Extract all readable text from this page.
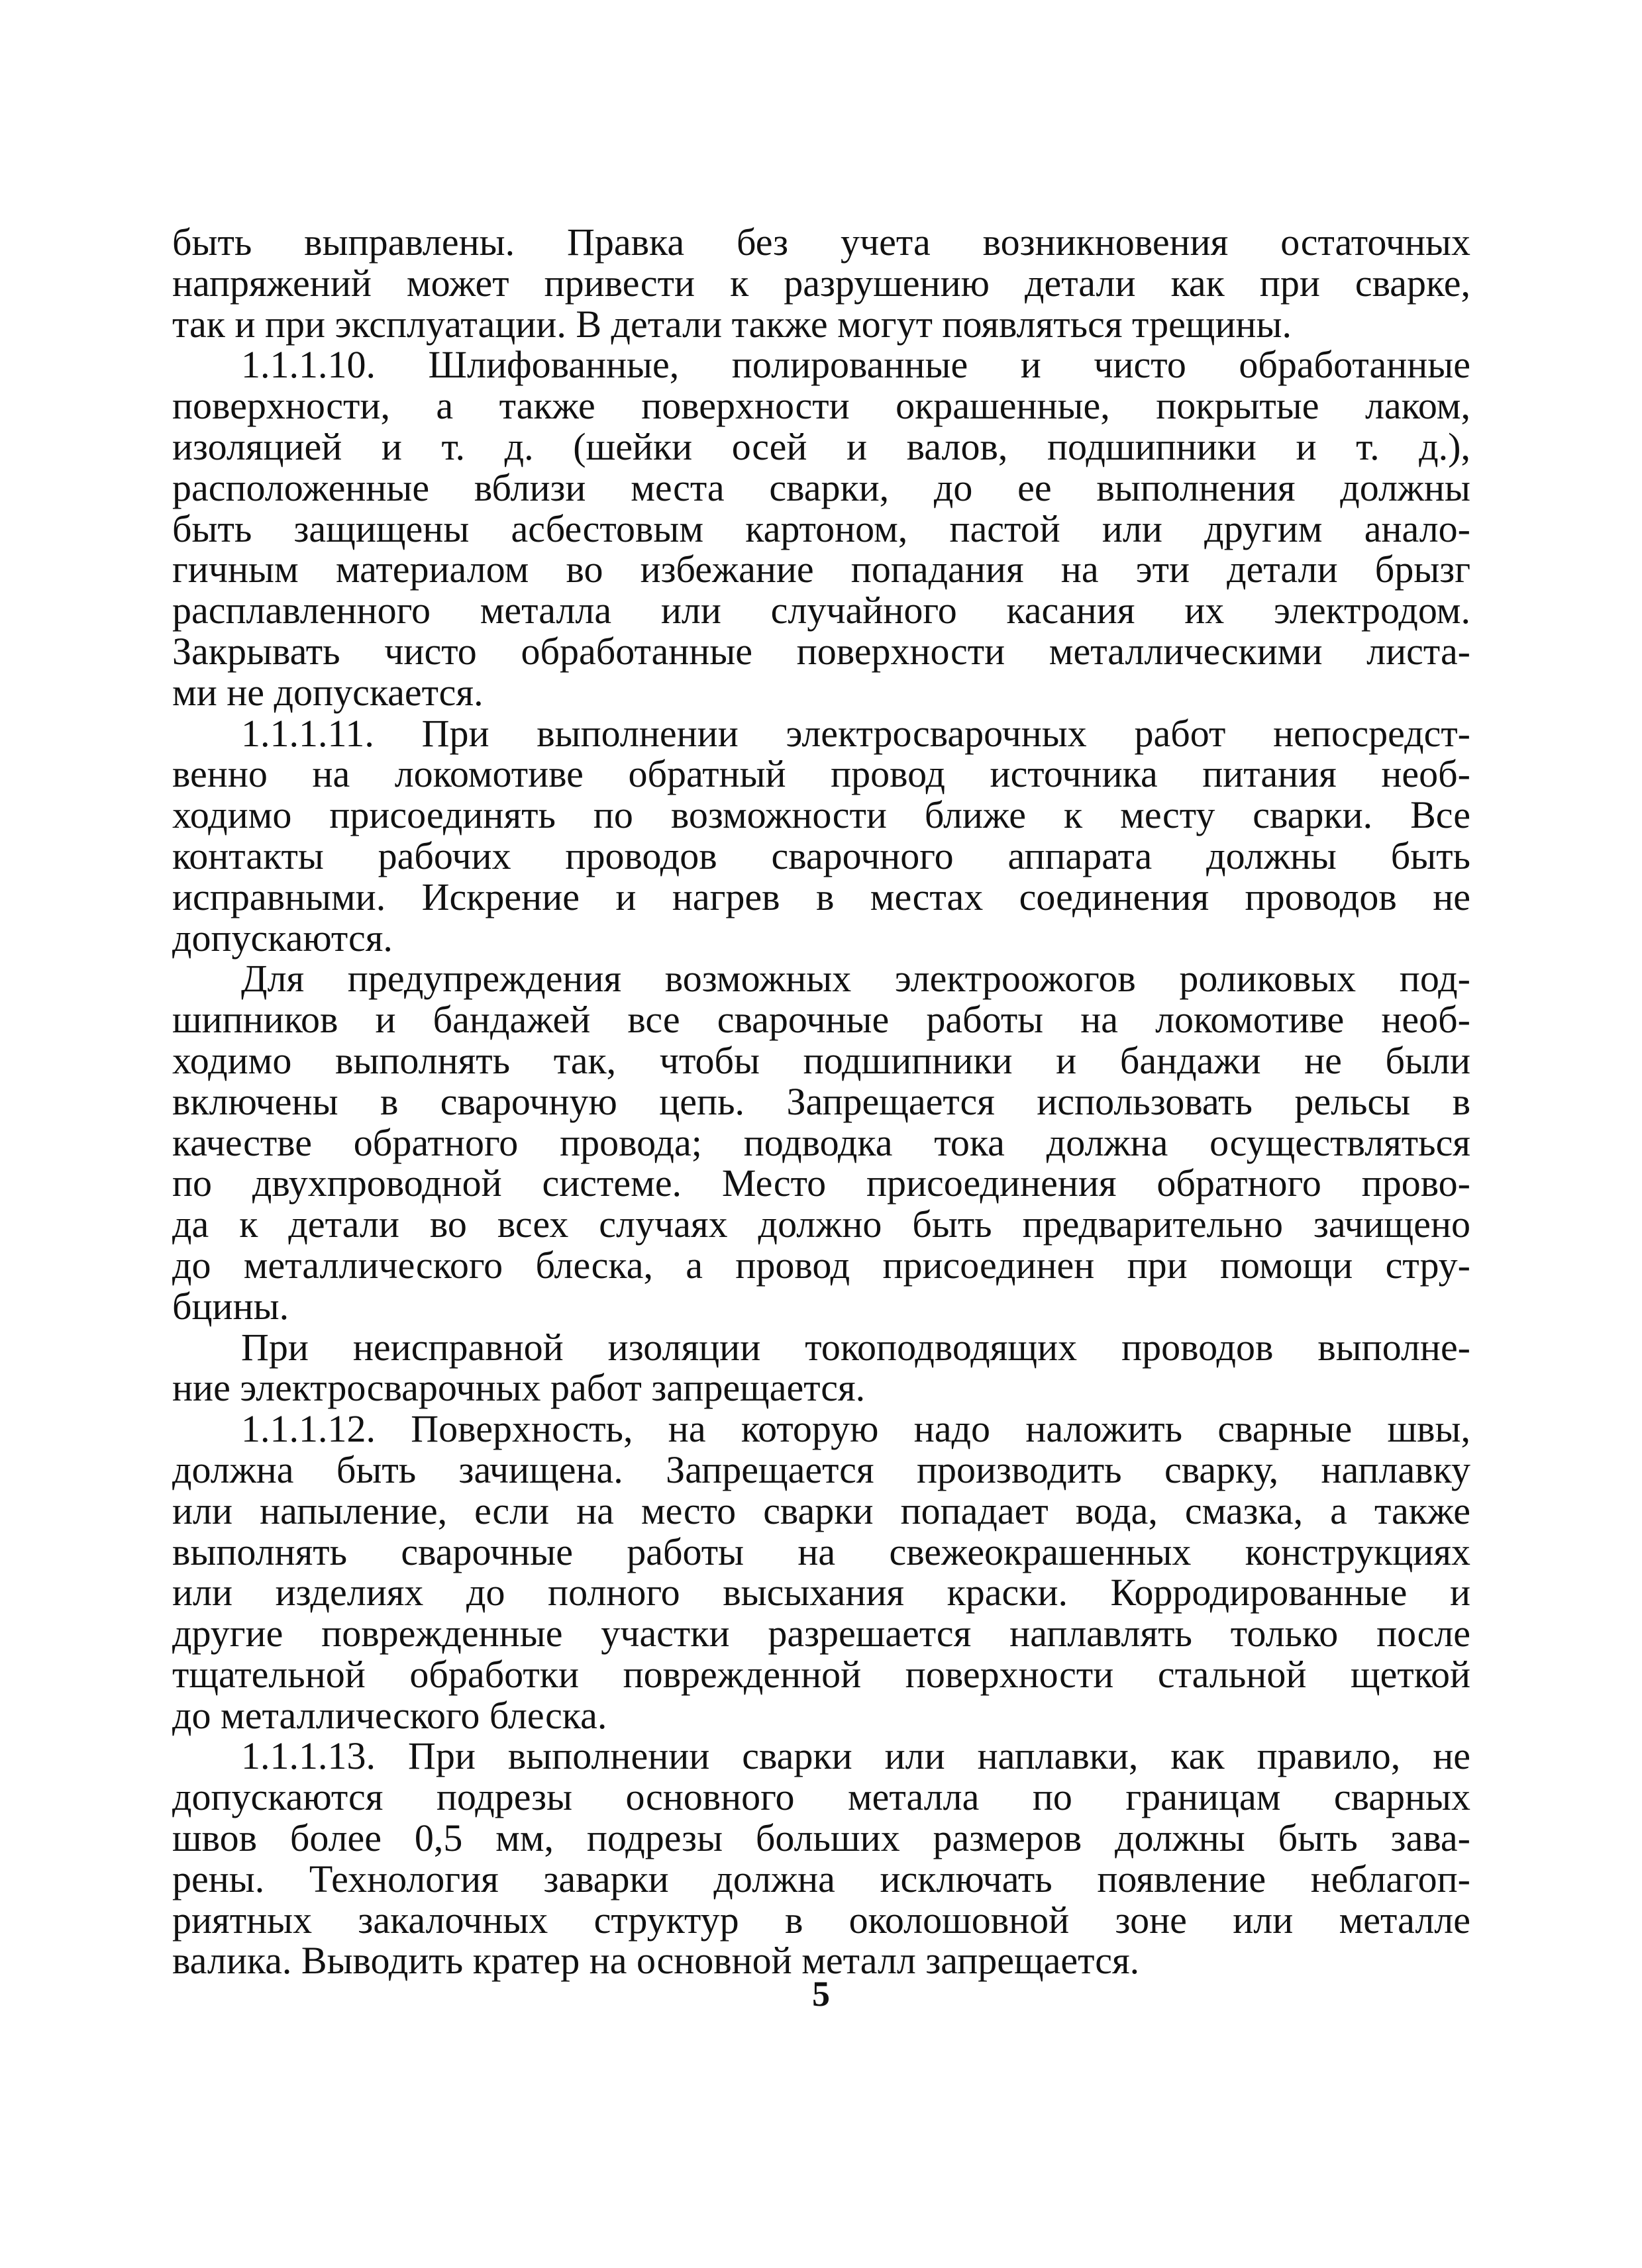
быть выправлены. Правка без учета возникновения остаточных
напряжений может привести к разрушению детали как при сварке,
так и при эксплуатации. В детали также могут появляться трещины.
1.1.1.10. Шлифованные, полированные и чисто обработанные
поверхности, а также поверхности окрашенные, покрытые лаком,
изоляцией и т. д. (шейки осей и валов, подшипники и т. д.),
расположенные вблизи места сварки, до ее выполнения должны
быть защищены асбестовым картоном, пастой или другим анало-
гичным материалом во избежание попадания на эти детали брызг
расплавленного металла или случайного касания их электродом.
Закрывать чисто обработанные поверхности металлическими листа-
ми не допускается.
1.1.1.11. При выполнении электросварочных работ непосредст-
венно на локомотиве обратный провод источника питания необ-
ходимо присоединять по возможности ближе к месту сварки. Все
контакты рабочих проводов сварочного аппарата должны быть
исправными. Искрение и нагрев в местах соединения проводов не
допускаются.
Для предупреждения возможных электроожогов роликовых под-
шипников и бандажей все сварочные работы на локомотиве необ-
ходимо выполнять так, чтобы подшипники и бандажи не были
включены в сварочную цепь. Запрещается использовать рельсы в
качестве обратного провода; подводка тока должна осуществляться
по двухпроводной системе. Место присоединения обратного прово-
да к детали во всех случаях должно быть предварительно зачищено
до металлического блеска, а провод присоединен при помощи стру-
бцины.
При неисправной изоляции токоподводящих проводов выполне-
ние электросварочных работ запрещается.
1.1.1.12. Поверхность, на которую надо наложить сварные швы,
должна быть зачищена. Запрещается производить сварку, наплавку
или напыление, если на место сварки попадает вода, смазка, а также
выполнять сварочные работы на свежеокрашенных конструкциях
или изделиях до полного высыхания краски. Корродированные и
другие поврежденные участки разрешается наплавлять только после
тщательной обработки поврежденной поверхности стальной щеткой
до металлического блеска.
1.1.1.13. При выполнении сварки или наплавки, как правило, не
допускаются подрезы основного металла по границам сварных
швов более 0,5 мм, подрезы больших размеров должны быть зава-
рены. Технология заварки должна исключать появление неблагоп-
риятных закалочных структур в околошовной зоне или металле
валика. Выводить кратер на основной металл запрещается.
5
